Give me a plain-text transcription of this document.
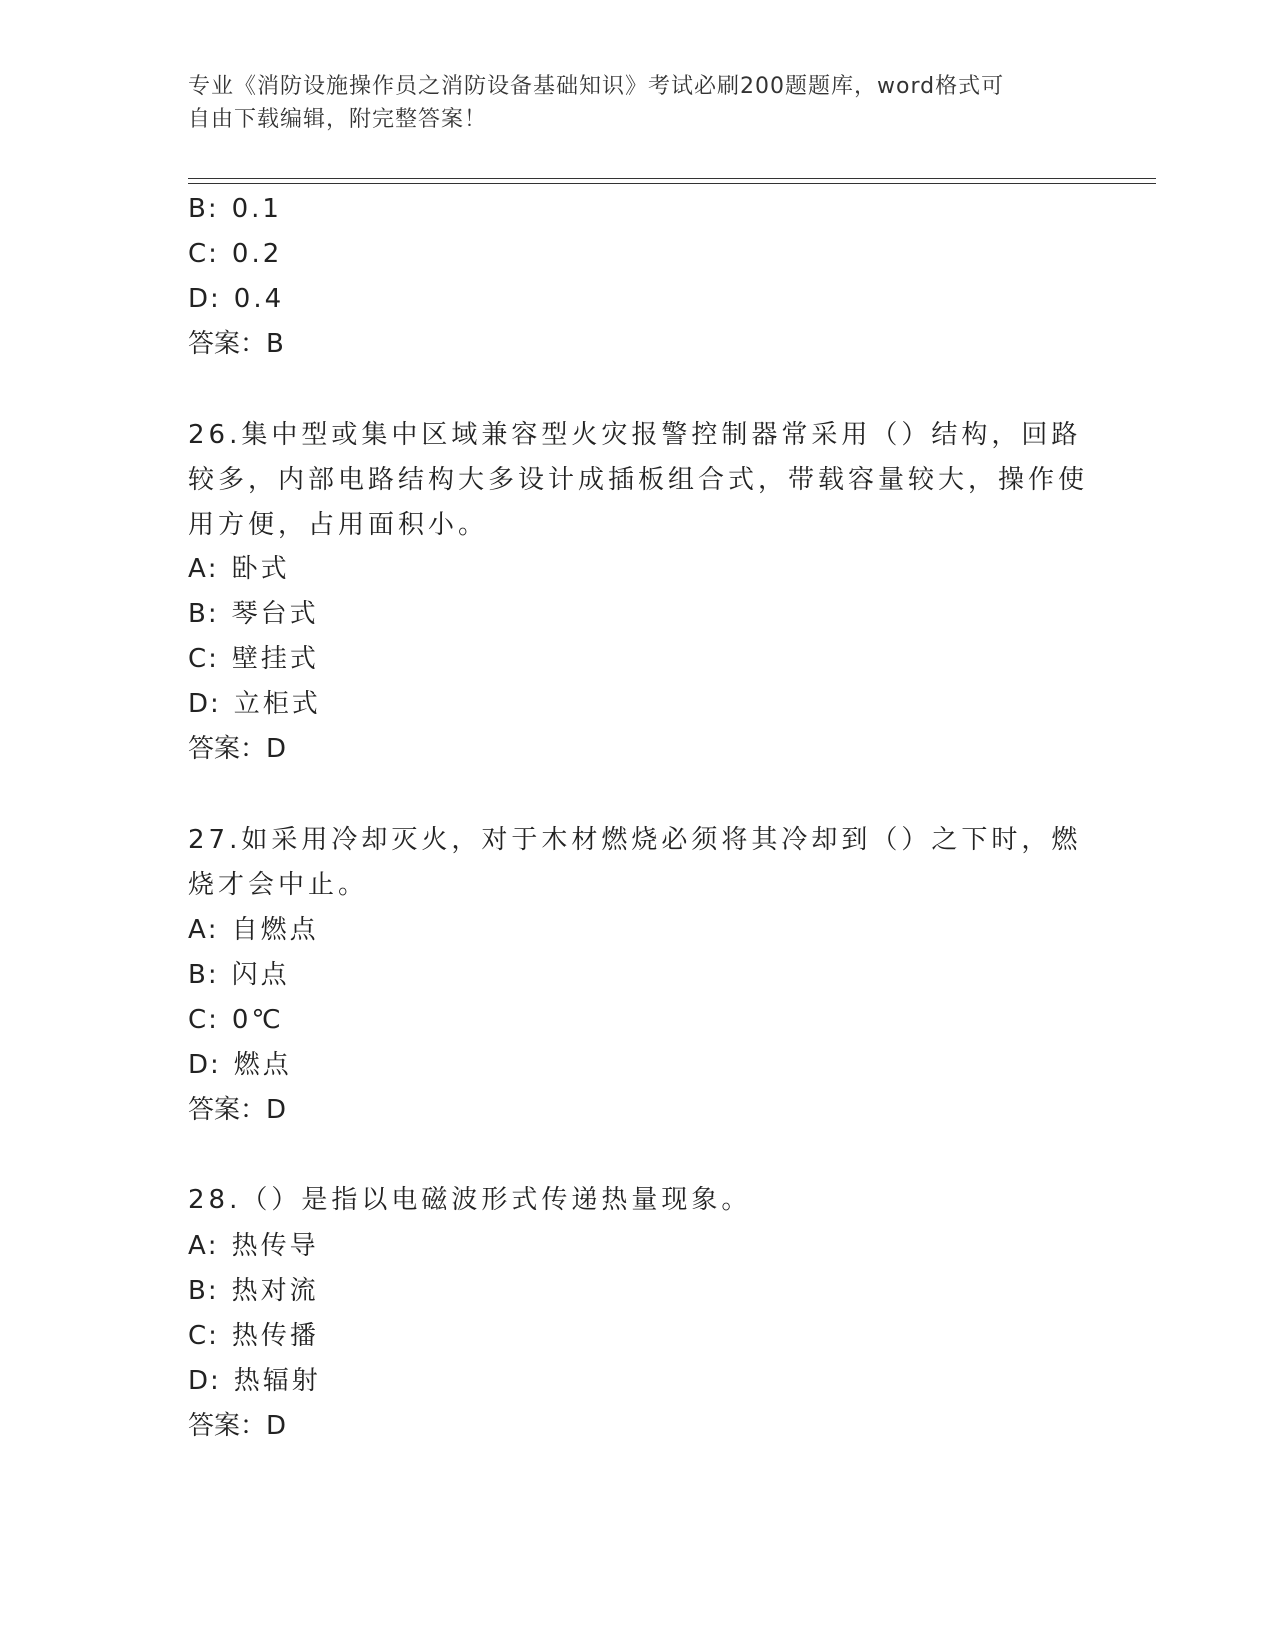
专业《消防设施操作员之消防设备基础知识》考试必刷200题题库，word格式可
自由下载编辑，附完整答案！
B: 0.1
C: 0.2
D: 0.4
答案：B
26.集中型或集中区域兼容型火灾报警控制器常采用（）结构，回路较多，内部电路结构大多设计成插板组合式，带载容量较大，操作使用方便，占用面积小。
A: 卧式
B: 琴台式
C: 壁挂式
D: 立柜式
答案：D
27.如采用冷却灭火，对于木材燃烧必须将其冷却到（）之下时，燃烧才会中止。
A: 自燃点
B: 闪点
C: 0℃
D: 燃点
答案：D
28.（）是指以电磁波形式传递热量现象。
A: 热传导
B: 热对流
C: 热传播
D: 热辐射
答案：D
